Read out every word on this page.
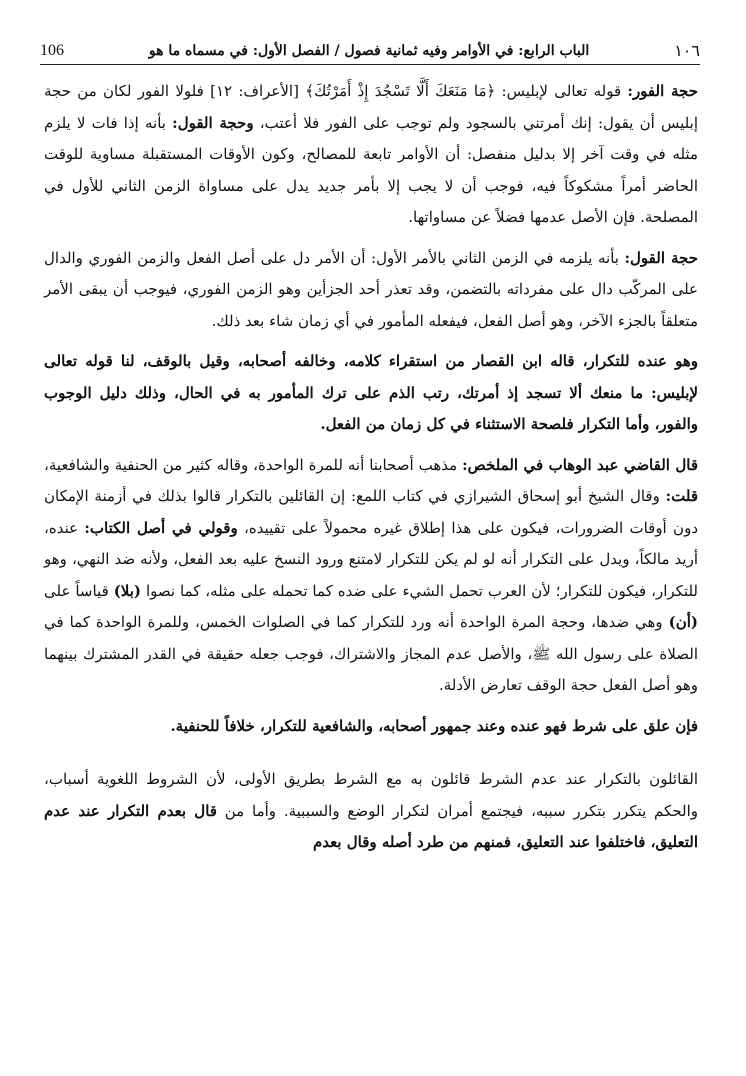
106	الباب الرابع: في الأوامر وفيه ثمانية فصول / الفصل الأول: في مسماه ما هو	١٠٦

حجة الفور: قوله تعالى لإبليس: ﴿مَا مَنَعَكَ أَلَّا تَسْجُدَ إِذْ أَمَرْتُكَ﴾ [الأعراف: ١٢] فلولا الفور لكان من حجة إبليس أن يقول: إنك أمرتني بالسجود ولم توجب على الفور فلا أعتب، وحجة القول: بأنه إذا فات لا يلزم مثله في وقت آخر إلا بدليل منفصل: أن الأوامر تابعة للمصالح، وكون الأوقات المستقبلة مساوية للوقت الحاضر أمراً مشكوكاً فيه، فوجب أن لا يجب إلا بأمر جديد يدل على مساواة الزمن الثاني للأول في المصلحة. فإن الأصل عدمها فضلاً عن مساواتها.

حجة القول: بأنه يلزمه في الزمن الثاني بالأمر الأول: أن الأمر دل على أصل الفعل والزمن الفوري والدال على المركّب دال على مفرداته بالتضمن، وقد تعذر أحد الجزأين وهو الزمن الفوري، فيوجب أن يبقى الأمر متعلقاً بالجزء الآخر، وهو أصل الفعل، فيفعله المأمور في أي زمان شاء بعد ذلك.

وهو عنده للتكرار، قاله ابن القصار من استقراء كلامه، وخالفه أصحابه، وقيل بالوقف، لنا قوله تعالى لإبليس: ما منعك ألا تسجد إذ أمرتك، رتب الذم على ترك المأمور به في الحال، وذلك دليل الوجوب والفور، وأما التكرار فلصحة الاستثناء في كل زمان من الفعل.

قال القاضي عبد الوهاب في الملخص: مذهب أصحابنا أنه للمرة الواحدة، وقاله كثير من الحنفية والشافعية، قلت: وقال الشيخ أبو إسحاق الشيرازي في كتاب اللمع: إن القائلين بالتكرار قالوا بذلك في أزمنة الإمكان دون أوقات الضرورات، فيكون على هذا إطلاق غيره محمولاً على تقييده، وقولي في أصل الكتاب: عنده، أريد مالكاً، ويدل على التكرار أنه لو لم يكن للتكرار لامتنع ورود النسخ عليه بعد الفعل، ولأنه ضد النهي، وهو للتكرار، فيكون للتكرار؛ لأن العرب تحمل الشيء على ضده كما تحمله على مثله، كما نصوا (بلا) قياساً على (أن) وهي ضدها، وحجة المرة الواحدة أنه ورد للتكرار كما في الصلوات الخمس، وللمرة الواحدة كما في الصلاة على رسول الله ﷺ، والأصل عدم المجاز والاشتراك، فوجب جعله حقيقة في القدر المشترك بينهما وهو أصل الفعل حجة الوقف تعارض الأدلة.

فإن علق على شرط فهو عنده وعند جمهور أصحابه، والشافعية للتكرار، خلافاً للحنفية.

القائلون بالتكرار عند عدم الشرط قائلون به مع الشرط بطريق الأولى، لأن الشروط اللغوية أسباب، والحكم يتكرر بتكرر سببه، فيجتمع أمران لتكرار الوضع والسببية. وأما من قال بعدم التكرار عند عدم التعليق، فاختلفوا عند التعليق، فمنهم من طرد أصله وقال بعدم
